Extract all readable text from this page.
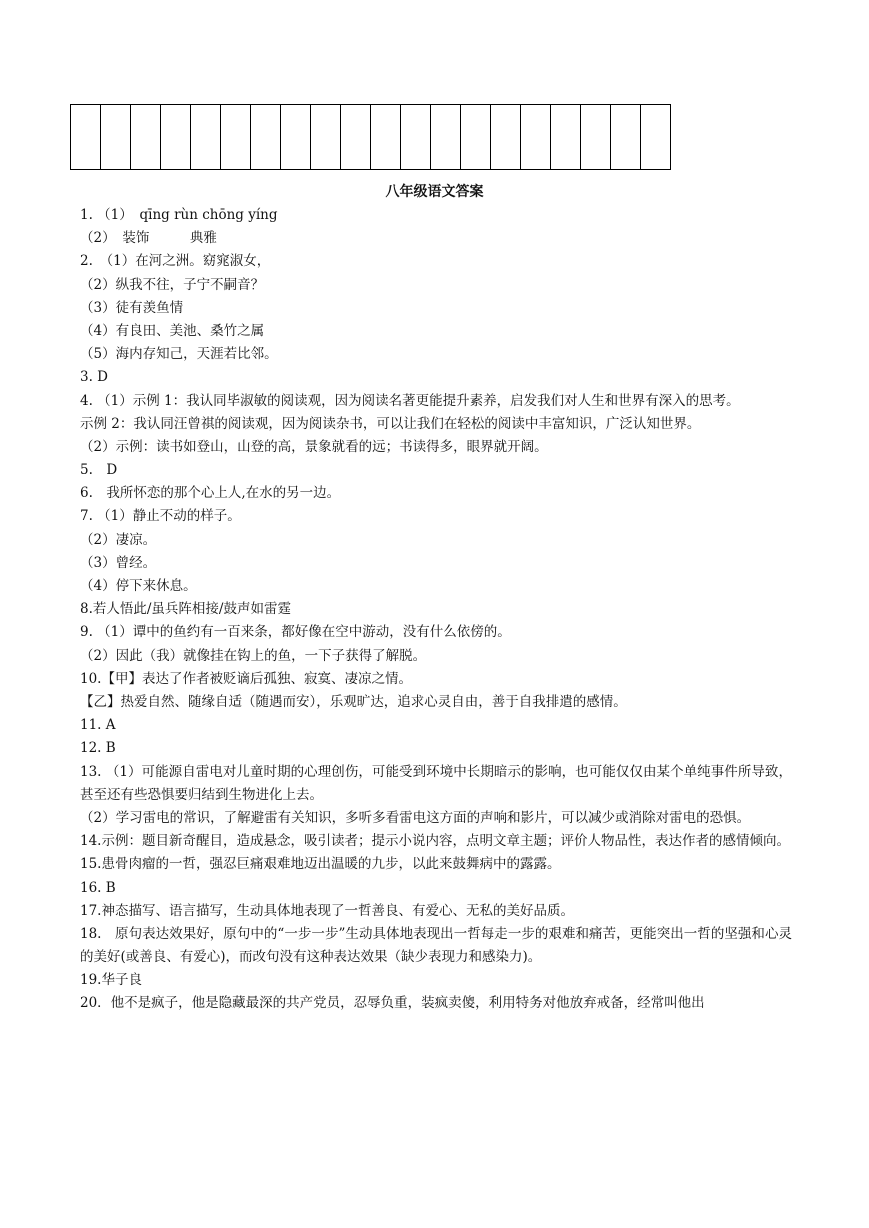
八年级语文答案
1. （1）　qīng rùn chōng yíng
（2）　装饰　　　典雅
2.　（1）在河之洲。窈窕淑女，
（2）纵我不往，子宁不嗣音？
（3）徒有羡鱼情
（4）有良田、美池、桑竹之属
（5）海内存知己，天涯若比邻。
3. D
4. （1）示例 1：我认同毕淑敏的阅读观，因为阅读名著更能提升素养，启发我们对人生和世界有深入的思考。
示例 2：我认同汪曾祺的阅读观，因为阅读杂书，可以让我们在轻松的阅读中丰富知识，广泛认知世界。
（2）示例：读书如登山，山登的高，景象就看的远；书读得多，眼界就开阔。
5.　D
6.　我所怀恋的那个心上人,在水的另一边。
7. （1）静止不动的样子。
（2）凄凉。
（3）曾经。
（4）停下来休息。
8.若人悟此/虽兵阵相接/鼓声如雷霆
9. （1）谭中的鱼约有一百来条，都好像在空中游动，没有什么依傍的。
（2）因此（我）就像挂在钩上的鱼，一下子获得了解脱。
10.【甲】表达了作者被贬谪后孤独、寂寞、凄凉之情。
【乙】热爱自然、随缘自适（随遇而安），乐观旷达，追求心灵自由，善于自我排遣的感情。
11. A
12. B
13. （1）可能源自雷电对儿童时期的心理创伤，可能受到环境中长期暗示的影响，也可能仅仅由某个单纯事件所导致，甚至还有些恐惧要归结到生物进化上去。
（2）学习雷电的常识，了解避雷有关知识，多听多看雷电这方面的声响和影片，可以减少或消除对雷电的恐惧。
14.示例：题目新奇醒目，造成悬念，吸引读者；提示小说内容，点明文章主题；评价人物品性，表达作者的感情倾向。
15.患骨肉瘤的一哲，强忍巨痛艰难地迈出温暖的九步，以此来鼓舞病中的露露。
16. B
17.神态描写、语言描写，生动具体地表现了一哲善良、有爱心、无私的美好品质。
18.　原句表达效果好，原句中的“一步一步”生动具体地表现出一哲每走一步的艰难和痛苦，更能突出一哲的坚强和心灵的美好(或善良、有爱心)，而改句没有这种表达效果（缺少表现力和感染力)。
19.华子良
20．他不是疯子，他是隐藏最深的共产党员，忍辱负重，装疯卖傻，利用特务对他放弃戒备，经常叫他出
